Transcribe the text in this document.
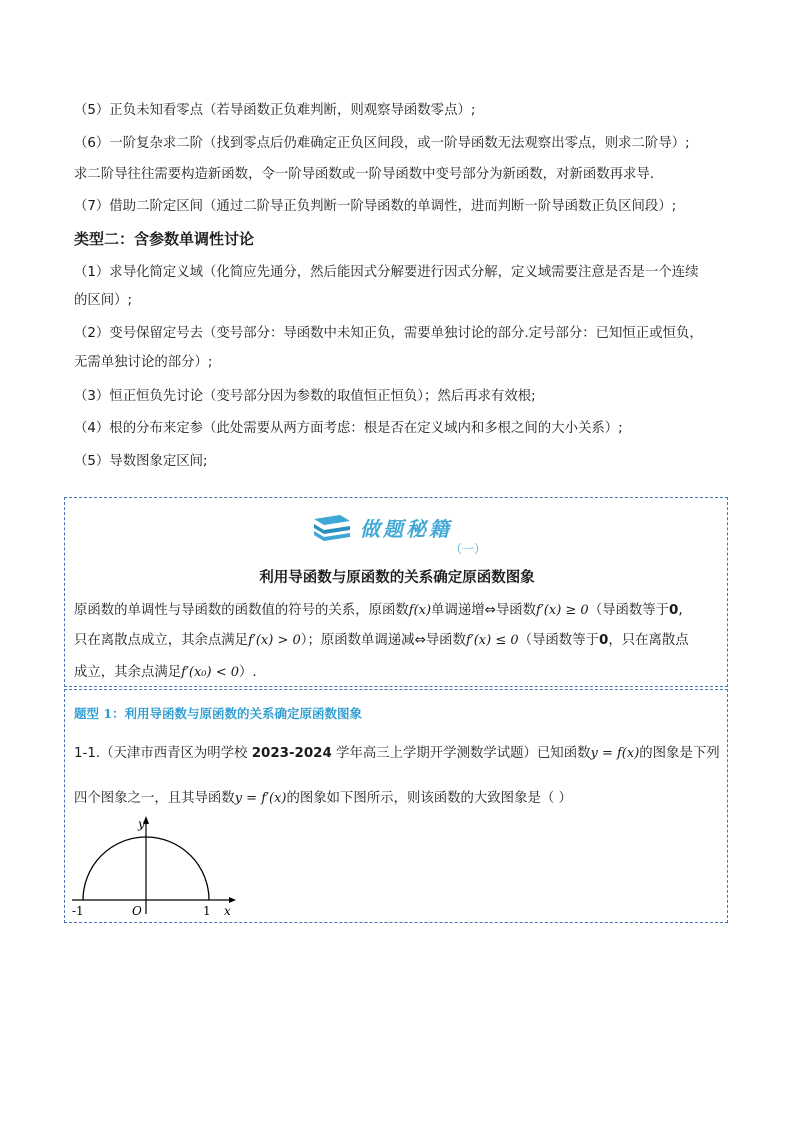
（5）正负未知看零点（若导函数正负难判断，则观察导函数零点）;
（6）一阶复杂求二阶（找到零点后仍难确定正负区间段，或一阶导函数无法观察出零点，则求二阶导）;
求二阶导往往需要构造新函数，令一阶导函数或一阶导函数中变号部分为新函数，对新函数再求导.
（7）借助二阶定区间（通过二阶导正负判断一阶导函数的单调性，进而判断一阶导函数正负区间段）;
类型二：含参数单调性讨论
（1）求导化简定义域（化简应先通分，然后能因式分解要进行因式分解，定义域需要注意是否是一个连续
的区间）;
（2）变号保留定号去（变号部分：导函数中未知正负，需要单独讨论的部分.定号部分：已知恒正或恒负，
无需单独讨论的部分）;
（3）恒正恒负先讨论（变号部分因为参数的取值恒正恒负）；然后再求有效根;
（4）根的分布来定参（此处需要从两方面考虑：根是否在定义域内和多根之间的大小关系）;
（5）导数图象定区间;
做题秘籍
（一）
利用导函数与原函数的关系确定原函数图象
原函数的单调性与导函数的函数值的符号的关系，原函数f(x)单调递增⇔导函数f′(x) ≥ 0（导函数等于0,
只在离散点成立，其余点满足f′(x) > 0）；原函数单调递减⇔导函数f′(x) ≤ 0（导函数等于0，只在离散点
成立，其余点满足f′(x₀) < 0）.
题型 1：利用导函数与原函数的关系确定原函数图象
1-1.（天津市西青区为明学校 2023-2024 学年高三上学期开学测数学试题）已知函数y = f(x)的图象是下列
四个图象之一，且其导函数y = f′(x)的图象如下图所示，则该函数的大致图象是（ ）
y
x
O
-1	1
